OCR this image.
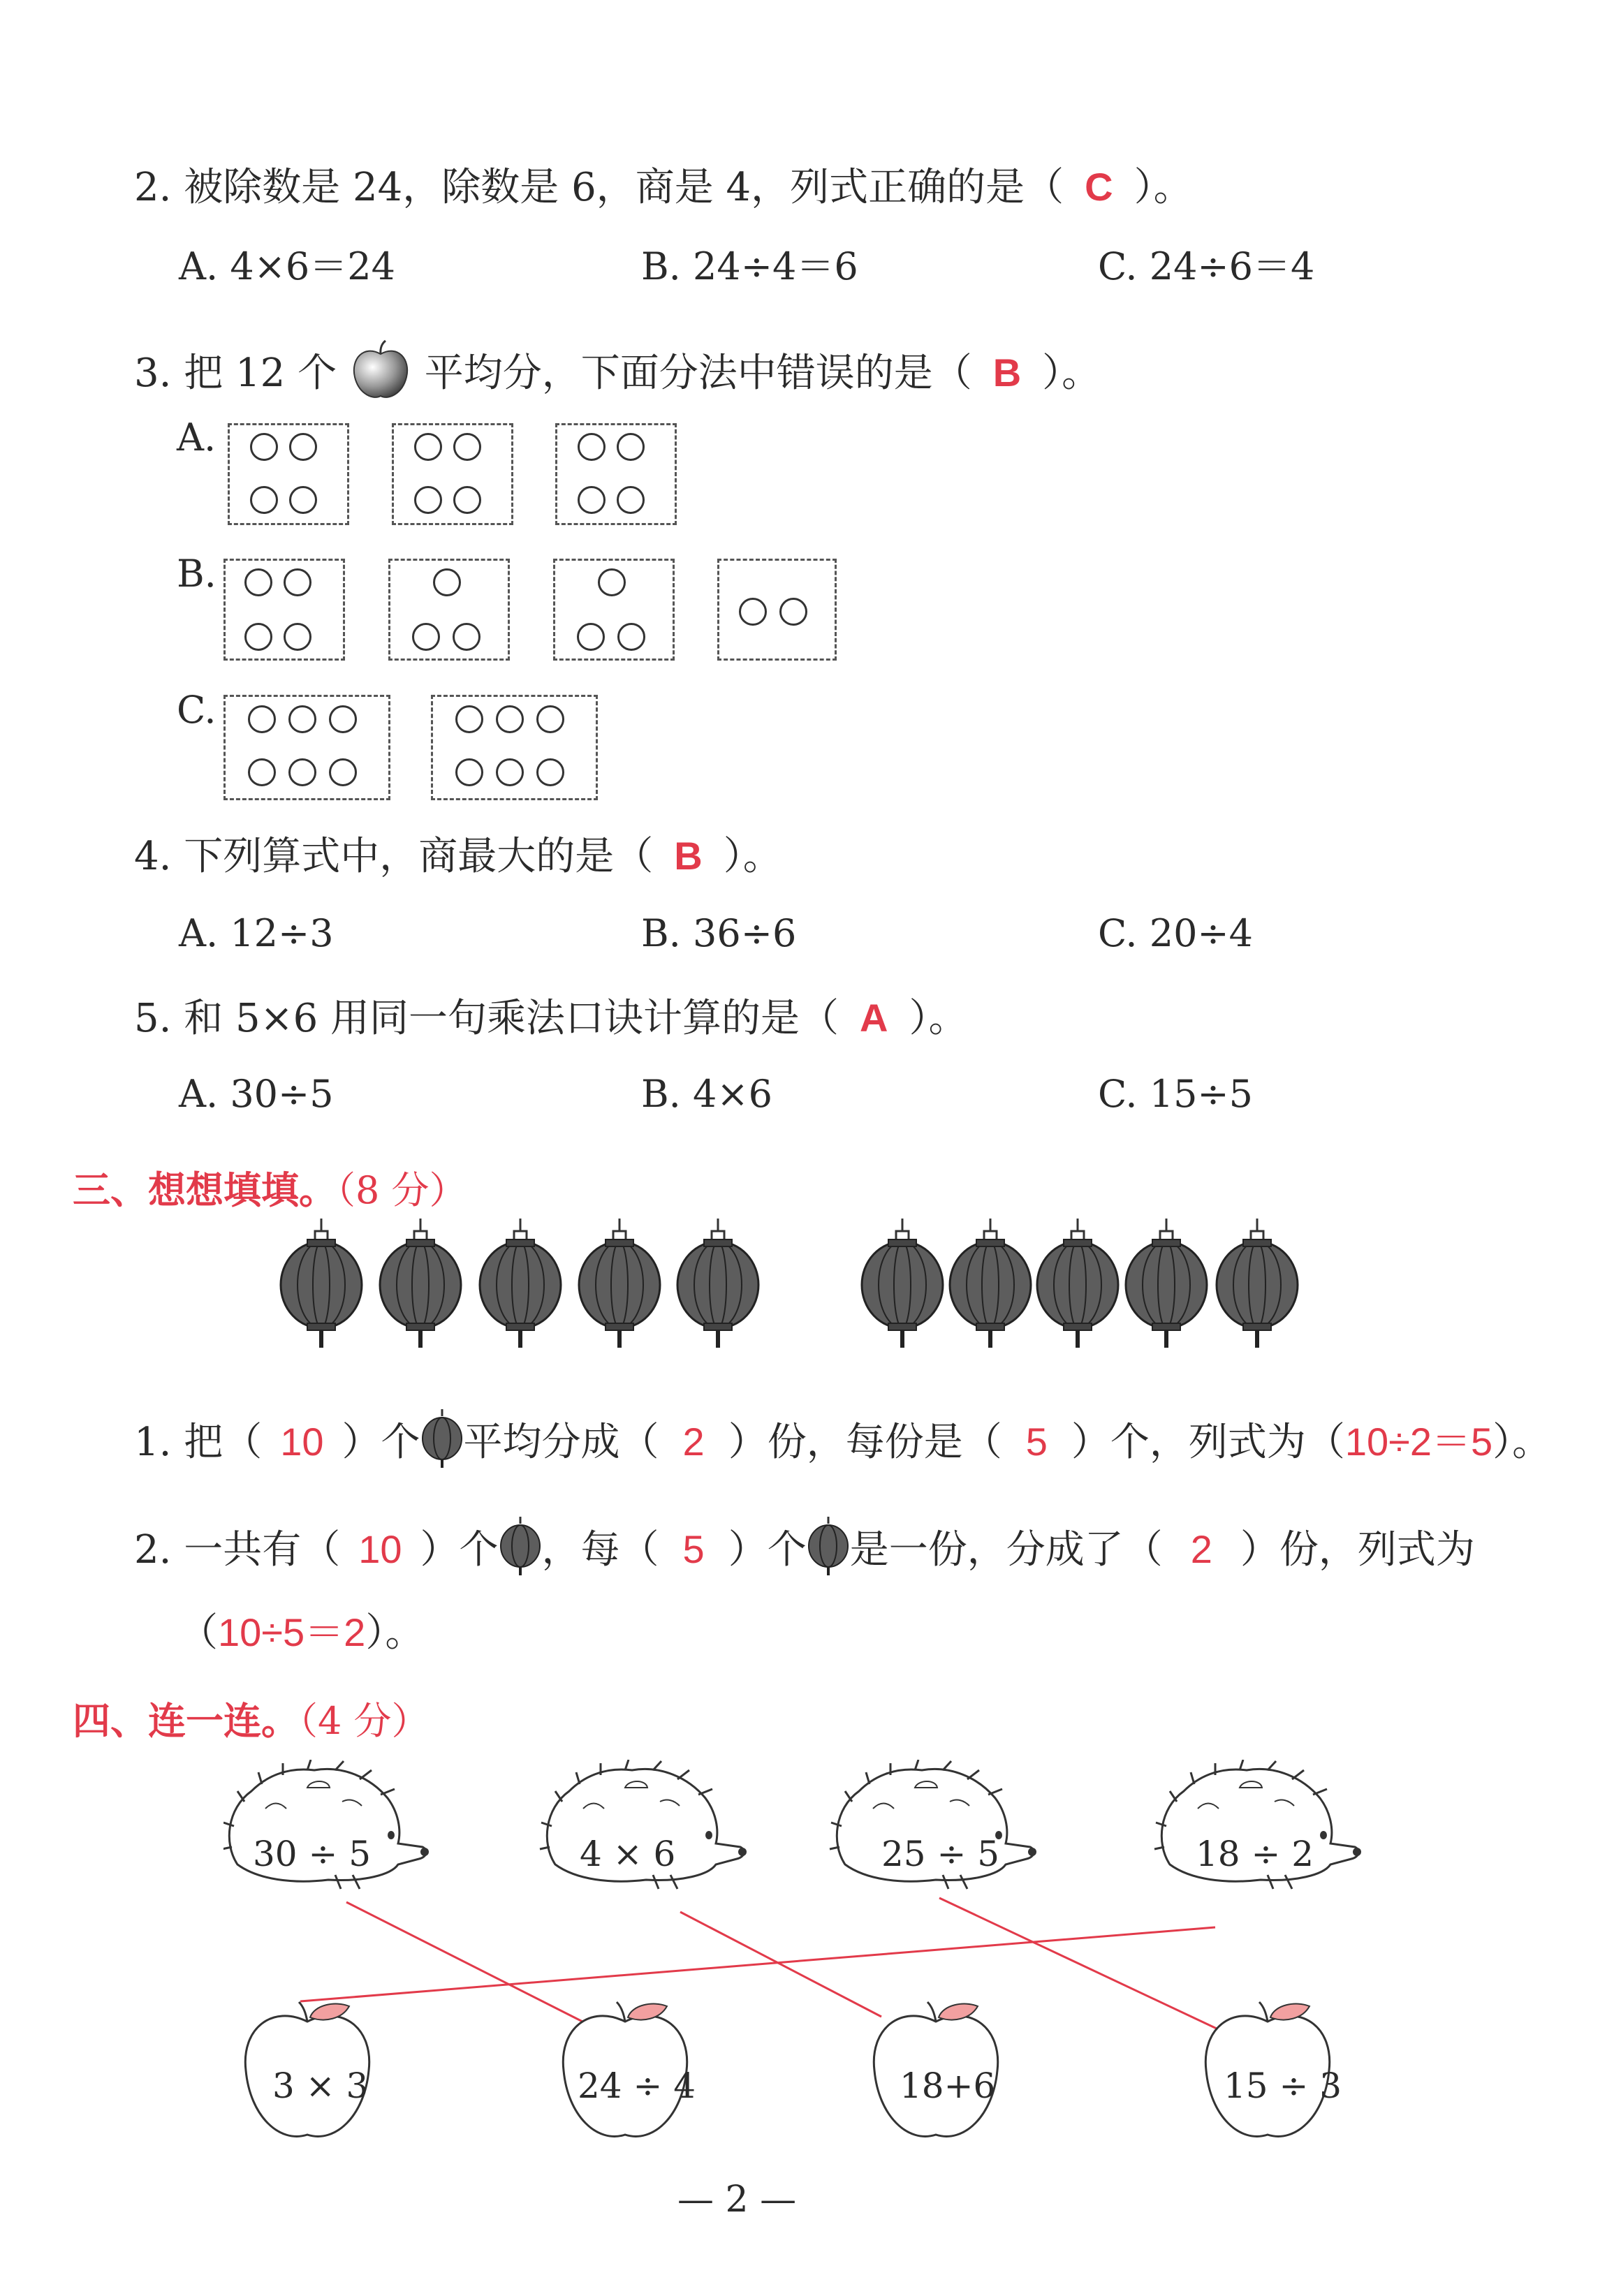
2. 被除数是 24，除数是 6，商是 4，列式正确的是（ C ）。
A. 4×6＝24	B. 24÷4＝6	C. 24÷6＝4
3. 把 12 个 平均分，下面分法中错误的是（ B ）。
A.
B.
C.
4. 下列算式中，商最大的是（ B ）。
A. 12÷3	B. 36÷6	C. 20÷4
5. 和 5×6 用同一句乘法口诀计算的是（ A ）。
A. 30÷5	B. 4×6	C. 15÷5
三、想想填填。（8 分）
1. 把（ 10 ）个 平均分成（ 2 ）份，每份是（ 5 ）个，列式为（10÷2＝5）。
2. 一共有（ 10 ）个 ，每（ 5 ）个 是一份，分成了（ 2 ）份，列式为
（10÷5＝2）。
四、连一连。（4 分）
30 ÷ 5	4 × 6	25 ÷ 5	18 ÷ 2
3 × 3	24 ÷ 4	18+6	15 ÷ 3
— 2 —
